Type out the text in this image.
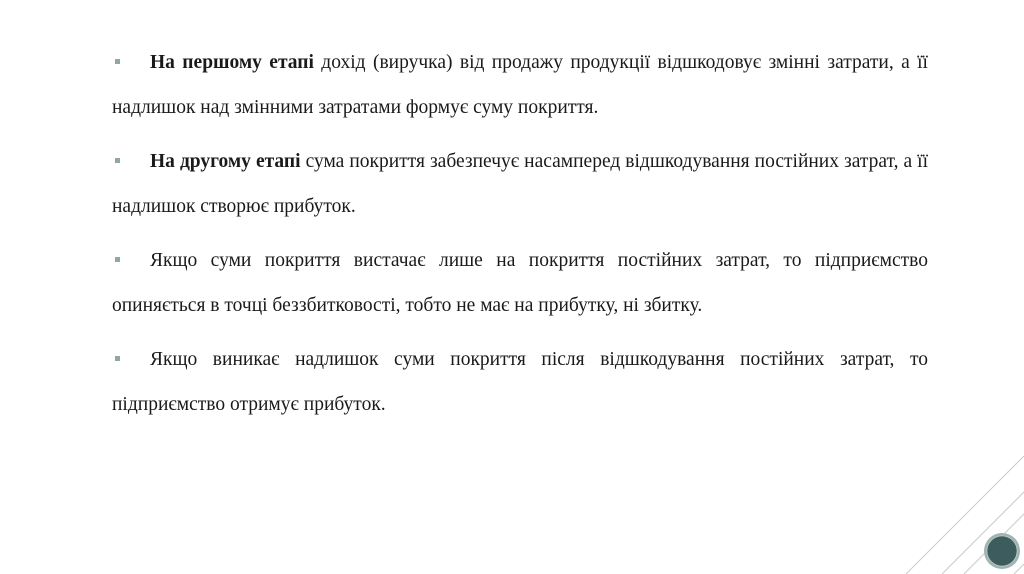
На першому етапі дохід (виручка) від продажу продукції відшкодовує змінні затрати, а її надлишок над змінними затратами формує суму покриття.

На другому етапі сума покриття забезпечує насамперед відшкодування постійних затрат, а її надлишок створює прибуток.

Якщо суми покриття вистачає лише на покриття постійних затрат, то підприємство опиняється в точці беззбитковості, тобто не має на прибутку, ні збитку.

Якщо виникає надлишок суми покриття після відшкодування постійних затрат, то підприємство отримує прибуток.
